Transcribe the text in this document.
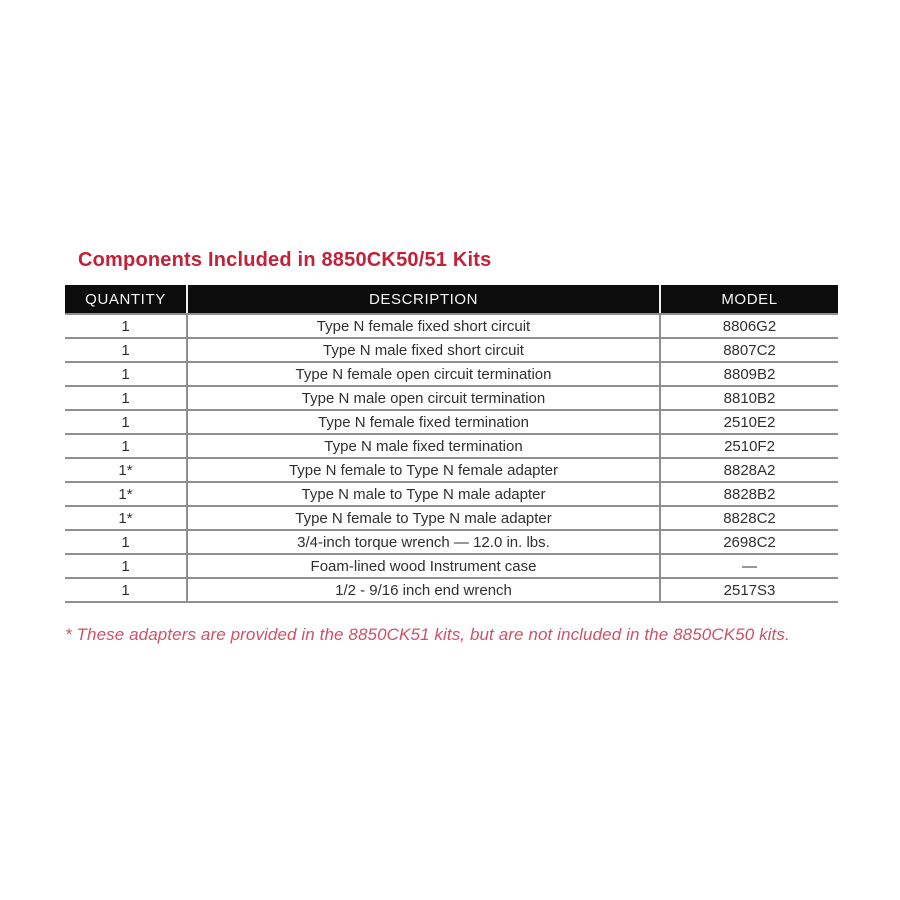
Components Included in 8850CK50/51 Kits
QUANTITY	DESCRIPTION	MODEL
1	Type N female fixed short circuit	8806G2
1	Type N male fixed short circuit	8807C2
1	Type N female open circuit termination	8809B2
1	Type N male open circuit termination	8810B2
1	Type N female fixed termination	2510E2
1	Type N male fixed termination	2510F2
1*	Type N female to Type N female adapter	8828A2
1*	Type N male to Type N male adapter	8828B2
1*	Type N female to Type N male adapter	8828C2
1	3/4-inch torque wrench — 12.0 in. lbs.	2698C2
1	Foam-lined wood Instrument case	—
1	1/2 - 9/16 inch end wrench	2517S3
* These adapters are provided in the 8850CK51 kits, but are not included in the 8850CK50 kits.
